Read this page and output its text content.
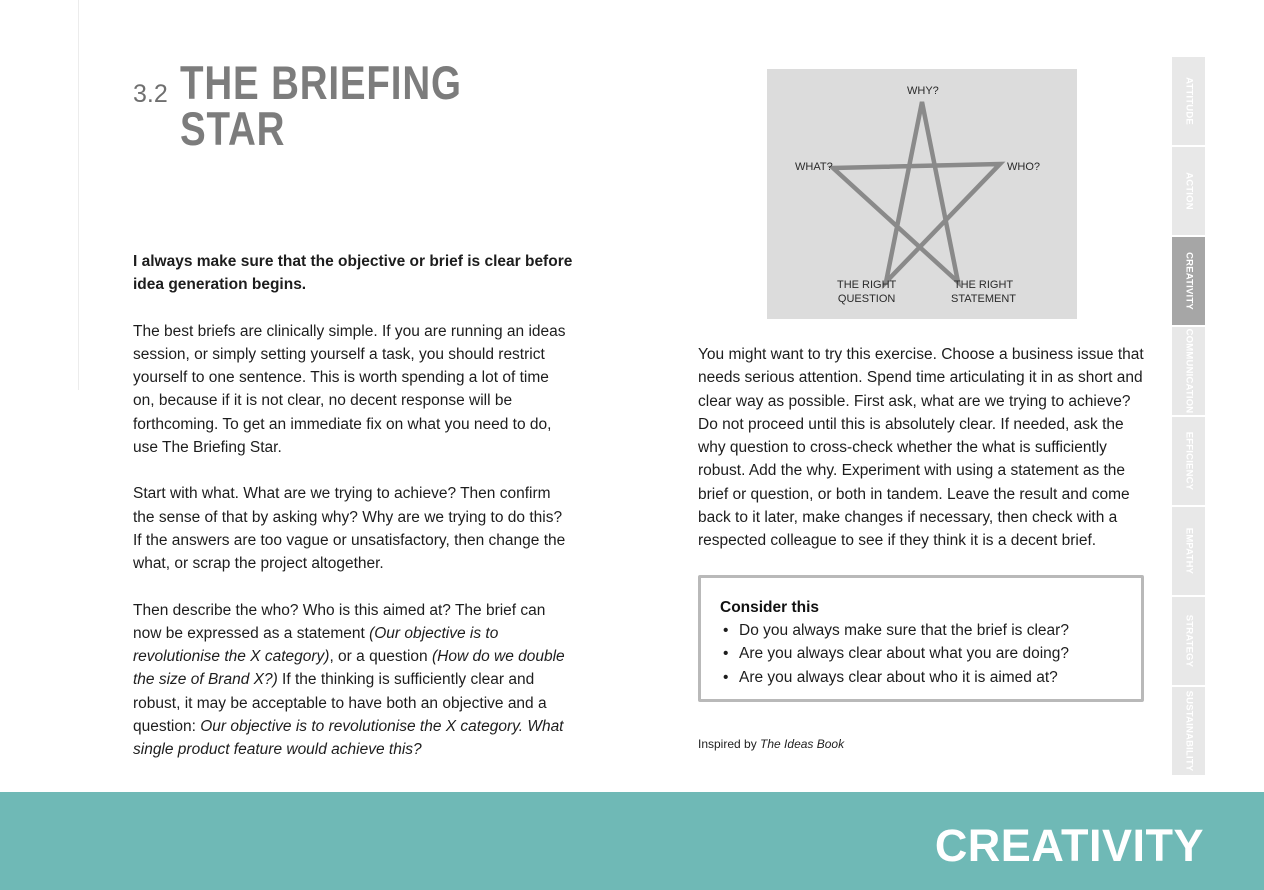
3.2 THE BRIEFING
STAR

I always make sure that the objective or brief is clear before idea generation begins.

The best briefs are clinically simple. If you are running an ideas session, or simply setting yourself a task, you should restrict yourself to one sentence. This is worth spending a lot of time on, because if it is not clear, no decent response will be forthcoming. To get an immediate fix on what you need to do, use The Briefing Star.

Start with what. What are we trying to achieve? Then confirm the sense of that by asking why? Why are we trying to do this? If the answers are too vague or unsatisfactory, then change the what, or scrap the project altogether.

Then describe the who? Who is this aimed at? The brief can now be expressed as a statement (Our objective is to revolutionise the X category), or a question (How do we double the size of Brand X?) If the thinking is sufficiently clear and robust, it may be acceptable to have both an objective and a question: Our objective is to revolutionise the X category. What single product feature would achieve this?

WHY?
WHAT?	WHO?
THE RIGHT
QUESTION
THE RIGHT
STATEMENT
You might want to try this exercise. Choose a business issue that needs serious attention. Spend time articulating it in as short and clear way as possible. First ask, what are we trying to achieve? Do not proceed until this is absolutely clear. If needed, ask the why question to cross-check whether the what is sufficiently robust. Add the why. Experiment with using a statement as the brief or question, or both in tandem. Leave the result and come back to it later, make changes if necessary, then check with a respected colleague to see if they think it is a decent brief.
Consider this
• Do you always make sure that the brief is clear?
• Are you always clear about what you are doing?
• Are you always clear about who it is aimed at?
Inspired by The Ideas Book
ATTITUDE
ACTION
CREATIVITY
COMMUNICATION
EFFICIENCY
EMPATHY
STRATEGY
SUSTAINABILITY
CREATIVITY
